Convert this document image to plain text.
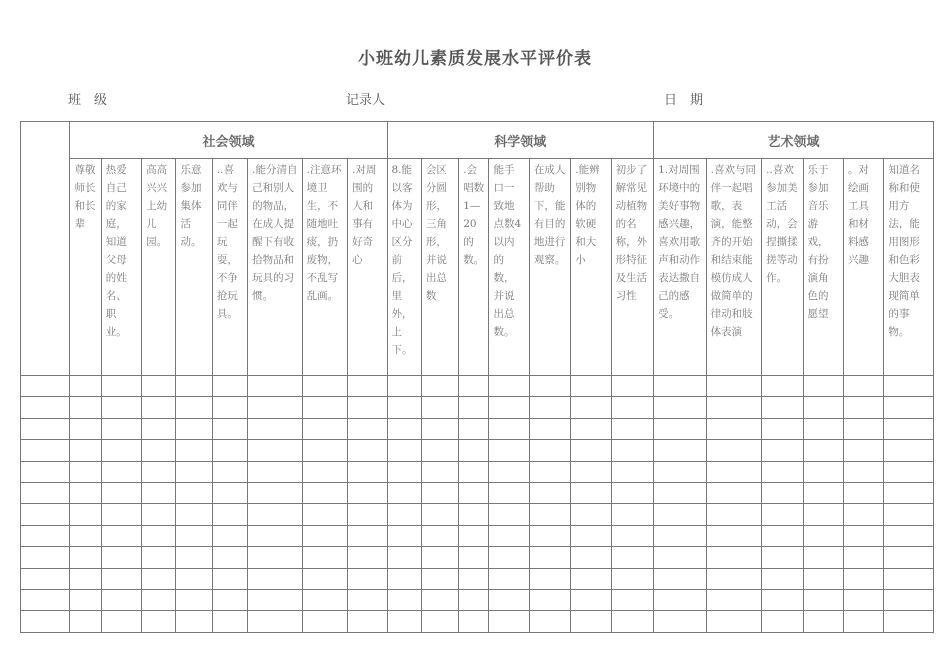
小班幼儿素质发展水平评价表
班　级	记录人	日　期
	社会领域								科学领域							艺术领域					
	尊敬师长和长辈	热爱自己的家庭，知道父母的姓名、职业。	高高兴兴上幼儿园。	乐意参加集体活动。	..喜欢与同伴一起玩耍，不争抢玩具。	.能分清自己和别人的物品，在成人提醒下有收拾物品和玩具的习惯。	.注意环境卫生，不随地吐痰，扔废物，不乱写乱画。	.对周围的人和事有好奇心	8.能以客体为中心区分前后，里外，上下。	会区分圆形，三角形，并说出总数	.会唱数1—20的数。	能手口一致地点数4以内的数，并说出总数。	在成人帮助下，能有目的地进行观察。	.能辨别物体的软硬和大小	初步了解常见动植物的名称，外形特征及生活习性	1.对周围环境中的美好事物感兴趣，喜欢用歌声和动作表达撒自己的感受。	.喜欢与同伴一起唱歌，表演，能整齐的开始和结束能模仿成人做简单的律动和肢体表演	..喜欢参加美工活动，会捏撕揉搓等动作。	乐于参加音乐游戏，有扮演角色的愿望	。对绘画工具和材料感兴趣	知道名称和使用方法，能用图形和色彩大胆表现简单的事物。
